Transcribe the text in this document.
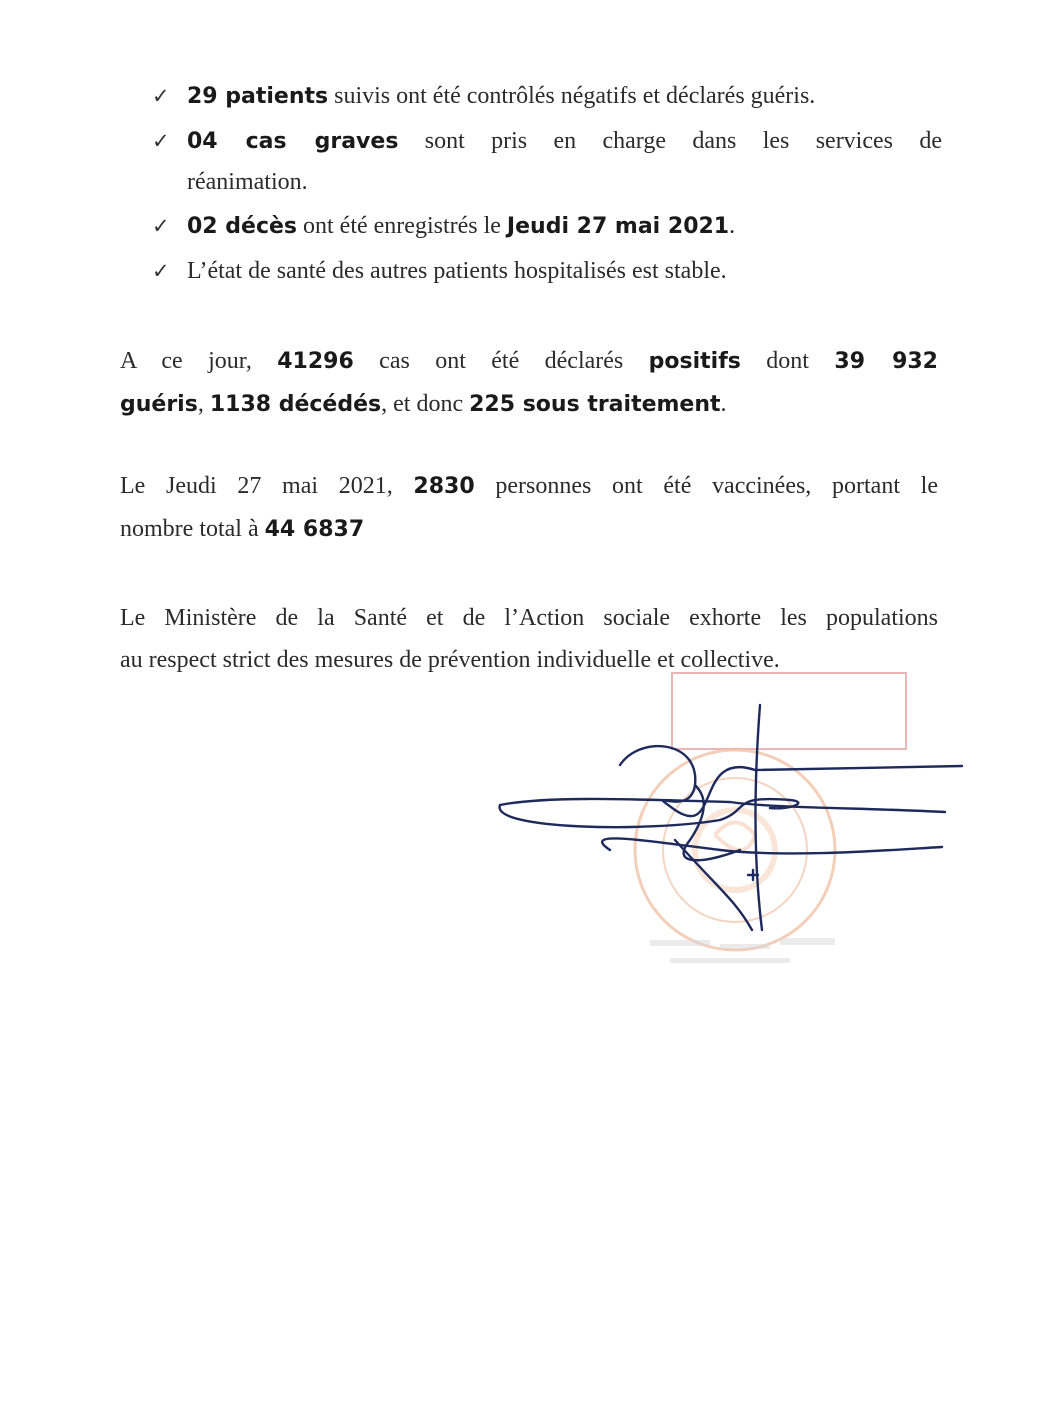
✓ 29 patients suivis ont été contrôlés négatifs et déclarés guéris.
✓ 04 cas graves sont pris en charge dans les services de
réanimation.
✓ 02 décès ont été enregistrés le Jeudi 27 mai 2021.
✓ L’état de santé des autres patients hospitalisés est stable.

A ce jour, 41296 cas ont été déclarés positifs dont 39 932
guéris, 1138 décédés, et donc 225 sous traitement.

Le Jeudi 27 mai 2021, 2830 personnes ont été vaccinées, portant le
nombre total à 44 6837

Le Ministère de la Santé et de l’Action sociale exhorte les populations
au respect strict des mesures de prévention individuelle et collective.
